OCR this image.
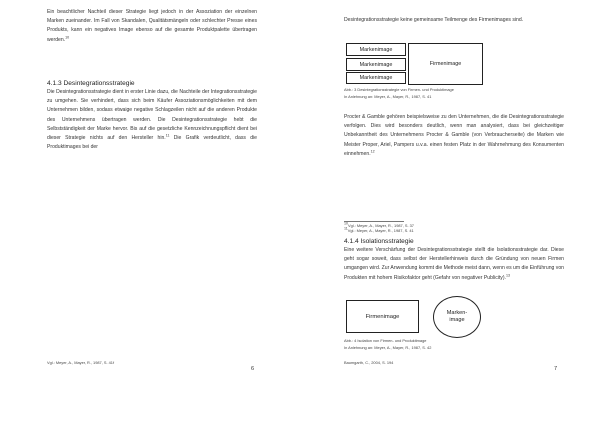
Ein beachtlicher Nachteil dieser Strategie liegt jedoch in der Assoziation der einzelnen Marken zueinander. Im Fall von Skandalen, Qualitätsmängeln oder schlechter Presse eines Produkts, kann ein negatives Image ebenso auf die gesamte Produktpalette übertragen werden.$^{10}$
4.1.3 Desintegrationsstrategie
Die Desintegrationsstrategie dient in erster Linie dazu, die Nachteile der Integrationsstrategie zu umgehen. Sie verhindert, dass sich beim Käufer Assoziationsmöglichkeiten mit dem Unternehmen bilden, sodass etwaige negative Schlagzeilen nicht auf die anderen Produkte des Unternehmens übertragen werden. Die Desintegrationsstrategie hebt die Selbstständigkeit der Marke hervor. Bis auf die gesetzliche Kennzeichnungspflicht dient bei dieser Strategie nichts auf den Hersteller hin.$^{11}$ Die Grafik verdeutlicht, dass die Produktimages bei der
Vgl.: Meyer, A., Mayer, R., 1987, S. 41f
6
Desintegrationsstrategie keine gemeinsame Teilmenge des Firmenimages sind.
Markenimage
Markenimage
Markenimage
Firmenimage
Abb.: 3 Desintegrationsstrategie von Firmen- und Produktimage
In Anlehnung an: Meyer, A., Mayer, R., 1987, S. 41
Procter & Gamble gehören beispielsweise zu den Unternehmen, die die Desintegrationsstrategie verfolgen. Dies wird besonders deutlich, wenn man analysiert, dass bei gleichzeitiger Unbekanntheit des Unternehmens Procter & Gamble (von Verbraucherseite) die Marken wie Meister Proper, Ariel, Pampers u.v.a. einen festen Platz in der Wahrnehmung des Konsumenten einnehmen.$^{12}$
$^{10}$Vgl.: Meyer, A., Mayer, R., 1987, S. 37
$^{11}$Vgl.: Meyer, A., Mayer, R., 1987, S. 41
4.1.4 Isolationsstrategie
Eine weitere Verschärfung der Desintegrationsstrategie stellt die Isolationsstrategie dar. Diese geht sogar soweit, dass selbst der Herstellerhinweis durch die Gründung von neuen Firmen umgangen wird. Zur Anwendung kommt die Methode meist dann, wenn es um die Einführung von Produkten mit hohem Risikofaktor geht (Gefahr von negativer Publicity).$^{13}$
Firmenimage
Marken-
image
Abb.: 4 Isolation von Firmen- und Produktimage
In Anlehnung an: Meyer, A., Mayer, R., 1987, S. 42
Baumgarth, C., 2004, S. 194
7
